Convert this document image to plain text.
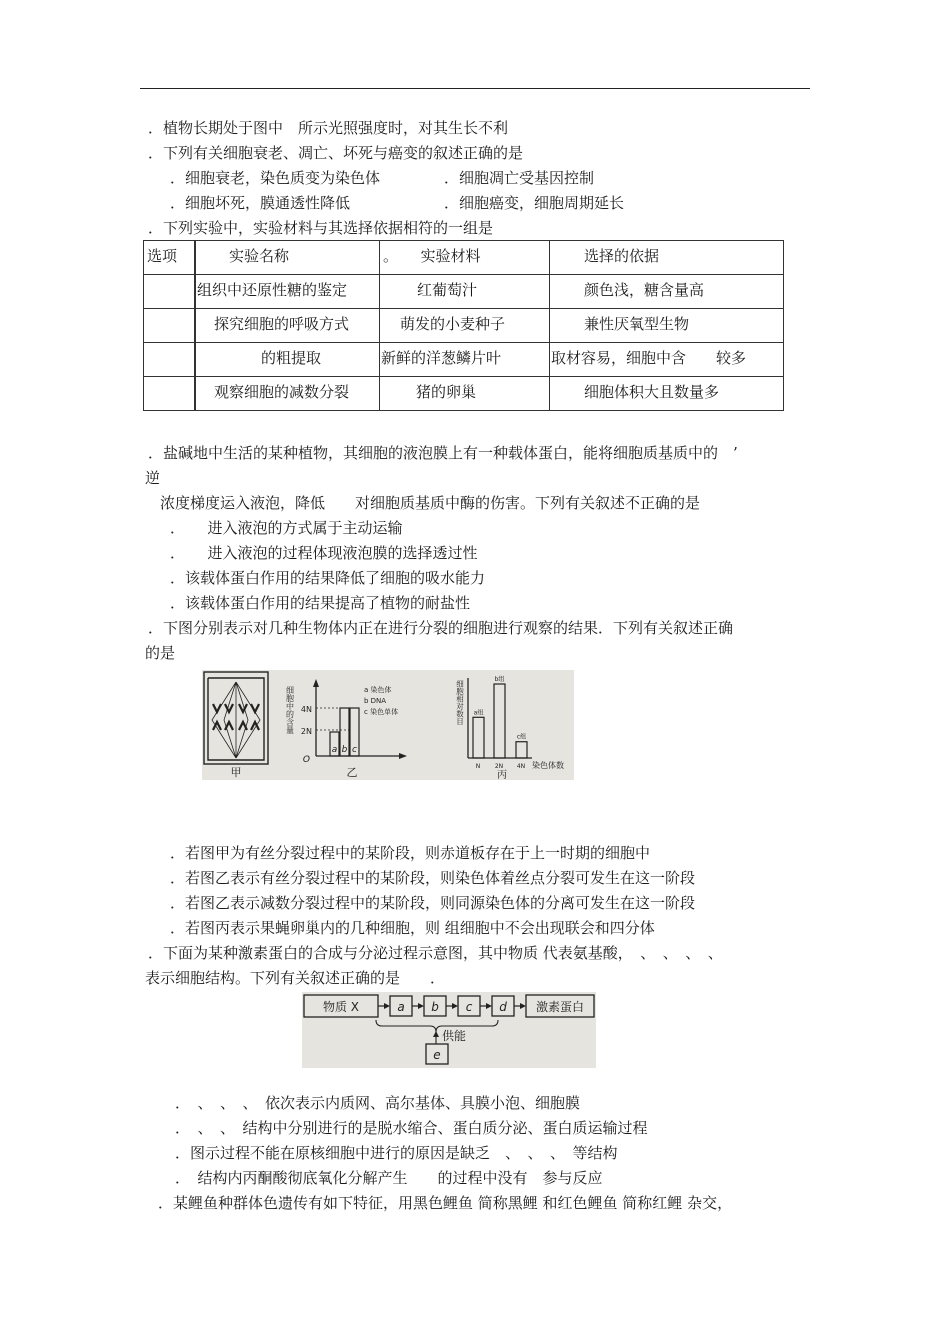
．植物长期处于图中　所示光照强度时，对其生长不利
．下列有关细胞衰老、凋亡、坏死与癌变的叙述正确的是
．细胞衰老，染色质变为染色体	．细胞凋亡受基因控制
．细胞坏死，膜通透性降低	．细胞癌变，细胞周期延长
．下列实验中，实验材料与其选择依据相符的一组是
选项	实验名称	。　　实验材料	选择的依据

	组织中还原性糖的鉴定	红葡萄汁	颜色浅，糖含量高

	探究细胞的呼吸方式	萌发的小麦种子	兼性厌氧型生物

	的粗提取	新鲜的洋葱鳞片叶	取材容易，细胞中含　　较多

	观察细胞的减数分裂	猪的卵巢	细胞体积大且数量多
．盐碱地中生活的某种植物，其细胞的液泡膜上有一种载体蛋白，能将细胞质基质中的　’
逆
浓度梯度运入液泡，降低　　对细胞质基质中酶的伤害。下列有关叙述不正确的是
．　　进入液泡的方式属于主动运输
．　　进入液泡的过程体现液泡膜的选择透过性
．该载体蛋白作用的结果降低了细胞的吸水能力
．该载体蛋白作用的结果提高了植物的耐盐性
．下图分别表示对几种生物体内正在进行分裂的细胞进行观察的结果．下列有关叙述正确
的是
甲
细胞中的含量 4N
2N
O
a b c
a 染色体
b DNA
c 染色单体
乙
细胞相对数目 a组
b组
c组
N 2N 4N 染色体数
丙
．若图甲为有丝分裂过程中的某阶段，则赤道板存在于上一时期的细胞中
．若图乙表示有丝分裂过程中的某阶段，则染色体着丝点分裂可发生在这一阶段
．若图乙表示减数分裂过程中的某阶段，则同源染色体的分离可发生在这一阶段
．若图丙表示果蝇卵巢内的几种细胞，则 组细胞中不会出现联会和四分体
．下面为某种激素蛋白的合成与分泌过程示意图，其中物质 代表氨基酸，　、　、　、　、
表示细胞结构。下列有关叙述正确的是　　．
物质 X	a b c d 激素蛋白
供能
e
．　、　、　、　依次表示内质网、高尔基体、具膜小泡、细胞膜
．　、　、　结构中分别进行的是脱水缩合、蛋白质分泌、蛋白质运输过程
．图示过程不能在原核细胞中进行的原因是缺乏　、　、　、　等结构
．　结构内丙酮酸彻底氧化分解产生　　的过程中没有　参与反应
．某鲤鱼种群体色遗传有如下特征，用黑色鲤鱼 简称黑鲤 和红色鲤鱼 简称红鲤 杂交，
